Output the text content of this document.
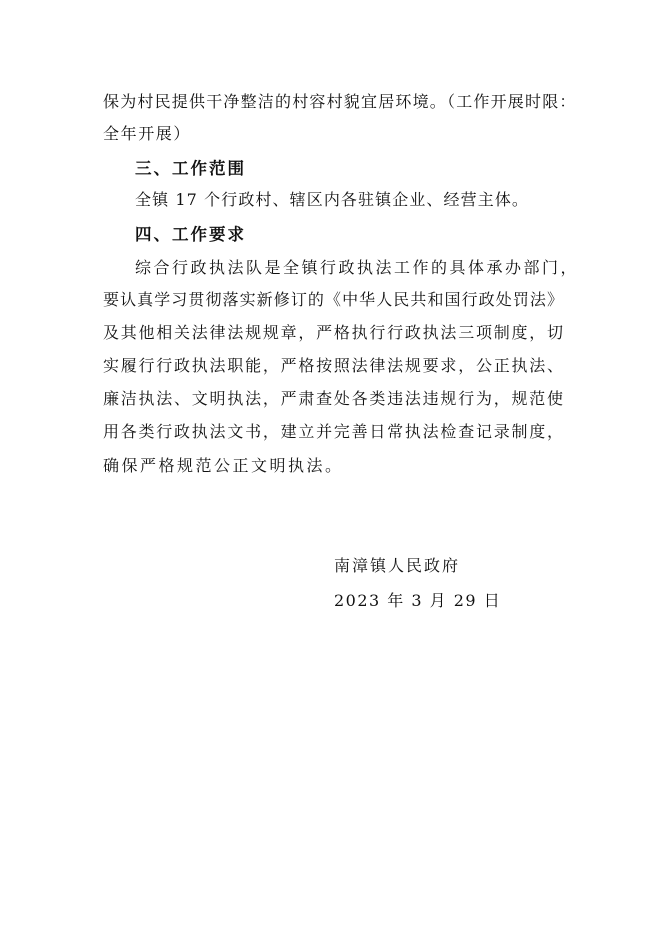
保为村民提供干净整洁的村容村貌宜居环境。（工作开展时限：
全年开展）
三、工作范围
全镇 17 个行政村、辖区内各驻镇企业、经营主体。
四、工作要求
综合行政执法队是全镇行政执法工作的具体承办部门，
要认真学习贯彻落实新修订的《中华人民共和国行政处罚法》
及其他相关法律法规规章，严格执行行政执法三项制度，切
实履行行政执法职能，严格按照法律法规要求，公正执法、
廉洁执法、文明执法，严肃查处各类违法违规行为，规范使
用各类行政执法文书，建立并完善日常执法检查记录制度，
确保严格规范公正文明执法。
南漳镇人民政府
2023 年 3 月 29 日
